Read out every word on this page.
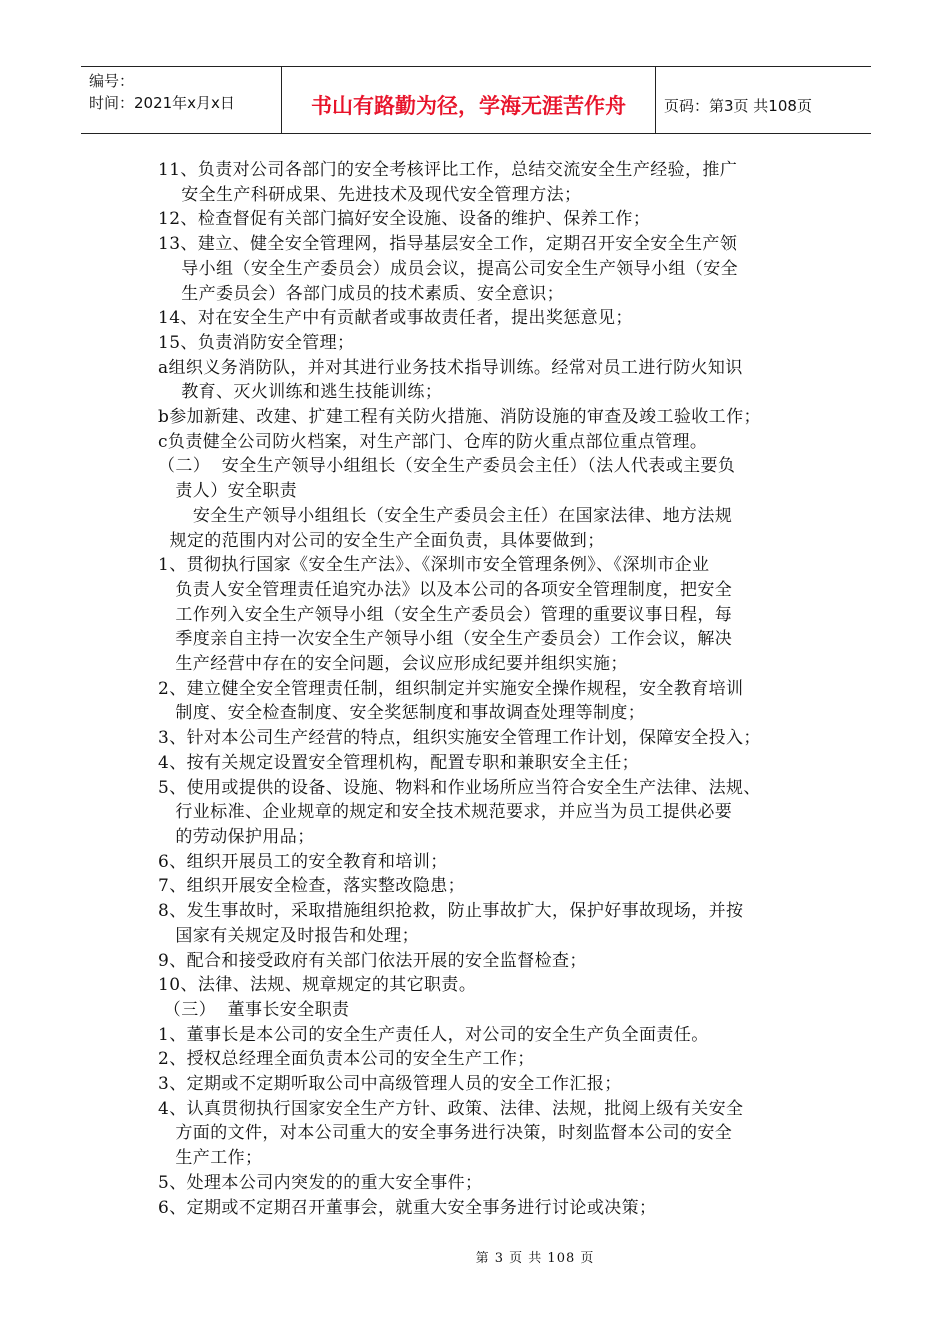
编号：
时间：2021年x月x日	书山有路勤为径，学海无涯苦作舟	页码：第3页 共108页

11、负责对公司各部门的安全考核评比工作，总结交流安全生产经验，推广

安全生产科研成果、先进技术及现代安全管理方法；

12、检查督促有关部门搞好安全设施、设备的维护、保养工作；

13、建立、健全安全管理网，指导基层安全工作，定期召开安全安全生产领

导小组（安全生产委员会）成员会议，提高公司安全生产领导小组（安全

生产委员会）各部门成员的技术素质、安全意识；

14、对在安全生产中有贡献者或事故责任者，提出奖惩意见；

15、负责消防安全管理；

a组织义务消防队，并对其进行业务技术指导训练。经常对员工进行防火知识

教育、灭火训练和逃生技能训练；

b参加新建、改建、扩建工程有关防火措施、消防设施的审查及竣工验收工作；

c负责健全公司防火档案，对生产部门、仓库的防火重点部位重点管理。

（二）  安全生产领导小组组长（安全生产委员会主任）（法人代表或主要负

责人）安全职责

安全生产领导小组组长（安全生产委员会主任）在国家法律、地方法规

规定的范围内对公司的安全生产全面负责，具体要做到；

1、贯彻执行国家《安全生产法》、《深圳市安全管理条例》、《深圳市企业

负责人安全管理责任追究办法》以及本公司的各项安全管理制度，把安全

工作列入安全生产领导小组（安全生产委员会）管理的重要议事日程，每

季度亲自主持一次安全生产领导小组（安全生产委员会）工作会议，解决

生产经营中存在的安全问题，会议应形成纪要并组织实施；

2、建立健全安全管理责任制，组织制定并实施安全操作规程，安全教育培训

制度、安全检查制度、安全奖惩制度和事故调查处理等制度；

3、针对本公司生产经营的特点，组织实施安全管理工作计划，保障安全投入；

4、按有关规定设置安全管理机构，配置专职和兼职安全主任；

5、使用或提供的设备、设施、物料和作业场所应当符合安全生产法律、法规、

行业标准、企业规章的规定和安全技术规范要求，并应当为员工提供必要

的劳动保护用品；

6、组织开展员工的安全教育和培训；

7、组织开展安全检查，落实整改隐患；

8、发生事故时，采取措施组织抢救，防止事故扩大，保护好事故现场，并按

国家有关规定及时报告和处理；

9、配合和接受政府有关部门依法开展的安全监督检查；

10、法律、法规、规章规定的其它职责。

（三）  董事长安全职责

1、董事长是本公司的安全生产责任人，对公司的安全生产负全面责任。

2、授权总经理全面负责本公司的安全生产工作；

3、定期或不定期听取公司中高级管理人员的安全工作汇报；

4、认真贯彻执行国家安全生产方针、政策、法律、法规，批阅上级有关安全

方面的文件，对本公司重大的安全事务进行决策，时刻监督本公司的安全

生产工作；

5、处理本公司内突发的的重大安全事件；

6、定期或不定期召开董事会，就重大安全事务进行讨论或决策；

第 3 页 共 108 页
